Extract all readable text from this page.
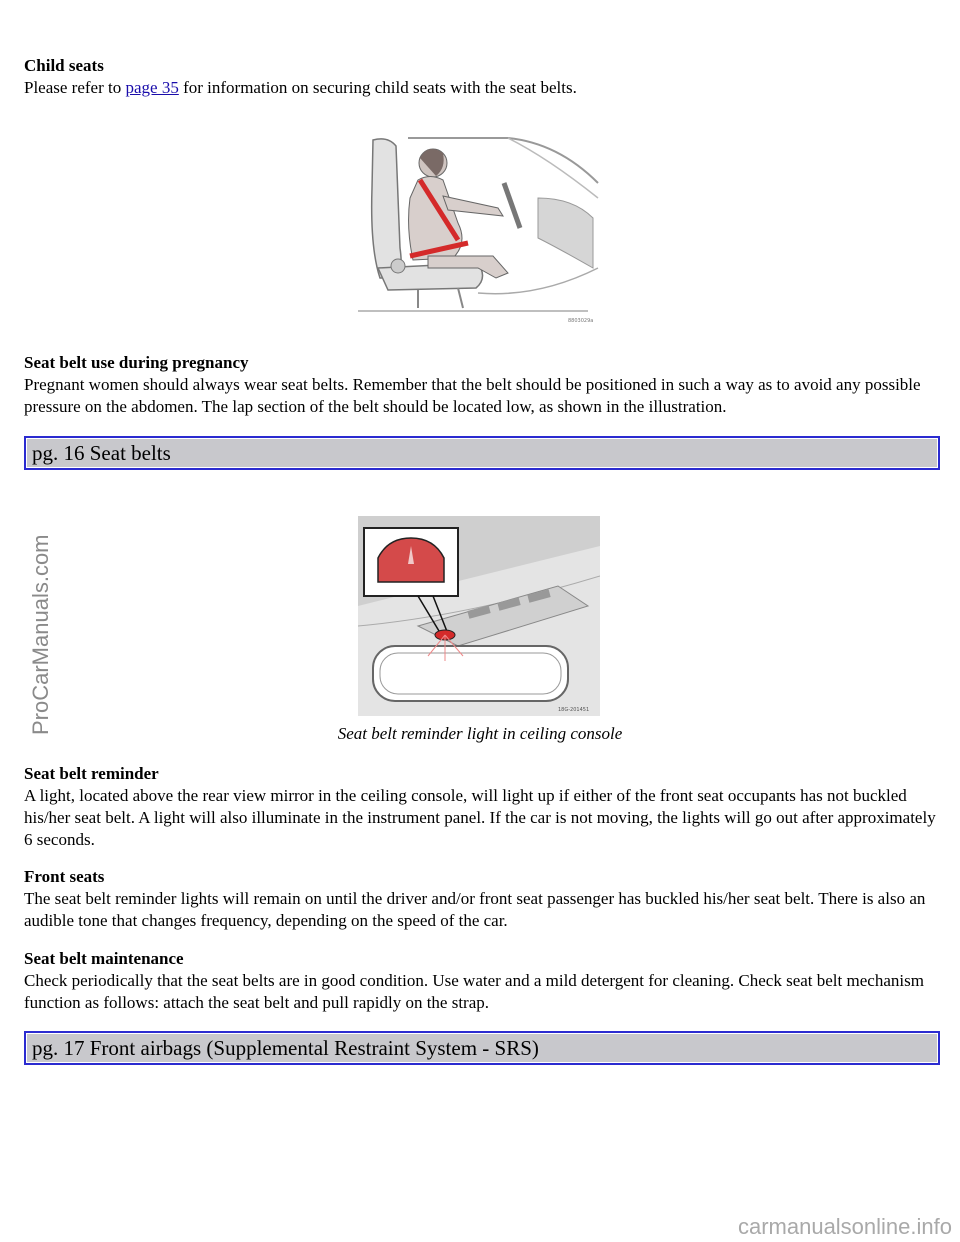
Child seats
Please refer to page 35 for information on securing child seats with the seat belts.
8803029a
Seat belt use during pregnancy
Pregnant women should always wear seat belts. Remember that the belt should be positioned in such a way as to avoid any possible pressure on the abdomen. The lap section of the belt should be located low, as shown in the illustration.
pg. 16 Seat belts
18G-201451
Seat belt reminder light in ceiling console
Seat belt reminder
A light, located above the rear view mirror in the ceiling console, will light up if either of the front seat occupants has not buckled his/her seat belt. A light will also illuminate in the instrument panel. If the car is not moving, the lights will go out after approximately 6 seconds.
Front seats
The seat belt reminder lights will remain on until the driver and/or front seat passenger has buckled his/her seat belt. There is also an audible tone that changes frequency, depending on the speed of the car.
Seat belt maintenance
Check periodically that the seat belts are in good condition. Use water and a mild detergent for cleaning. Check seat belt mechanism function as follows: attach the seat belt and pull rapidly on the strap.
pg. 17 Front airbags (Supplemental Restraint System - SRS)
ProCarManuals.com
carmanualsonline.info
